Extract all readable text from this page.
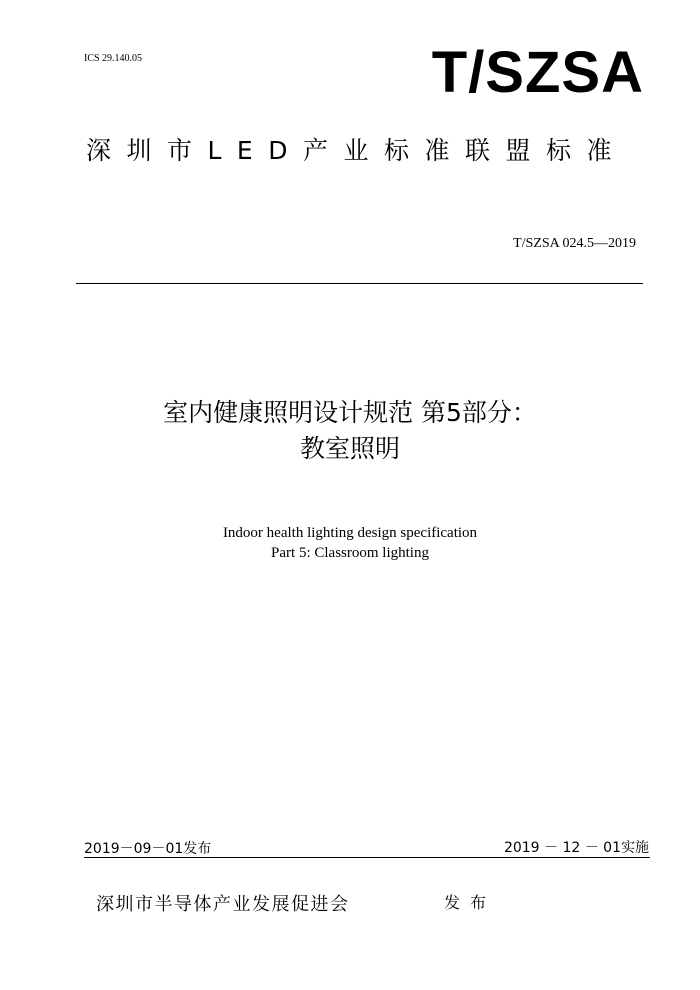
ICS 29.140.05	T/SZSA
深圳市LED产业标准联盟标准
T/SZSA 024.5—2019
室内健康照明设计规范 第5部分：
教室照明
Indoor health lighting design specification
Part 5: Classroom lighting
2019－09－01发布	2019 － 12 － 01实施
深圳市半导体产业发展促进会	发布
